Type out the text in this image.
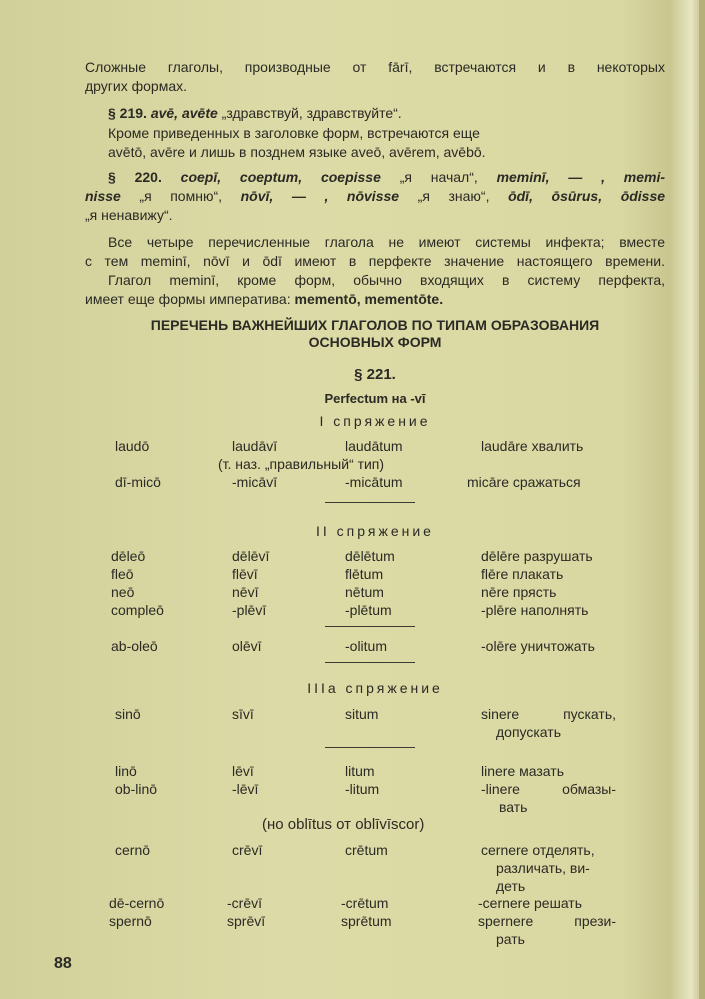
Сложные глаголы, производные от fārī, встречаются и в некоторых
других формах.
§ 219. avē, avēte „здравствуй, здравствуйте“.
Кроме приведенных в заголовке форм, встречаются еще
avētō, avēre и лишь в позднем языке aveō, avērem, avēbō.
§ 220. coepī, coeptum, coepisse „я начал“, meminī, — , memi-
nisse „я помню“, nōvī, — , nōvisse „я знаю“, ōdī, ōsūrus, ōdisse
„я ненавижу“.
Все четыре перечисленные глагола не имеют системы инфекта; вместе
с тем meminī, nōvī и ōdī имеют в перфекте значение настоящего времени.
Глагол meminī, кроме форм, обычно входящих в систему перфекта,
имеет еще формы императива: mementō, mementōte.
ПЕРЕЧЕНЬ ВАЖНЕЙШИХ ГЛАГОЛОВ ПО ТИПАМ ОБРАЗОВАНИЯ
ОСНОВНЫХ ФОРМ
§ 221.
Perfectum на -vī
I спряжение
laudō	laudāvī	laudātum	laudāre хвалить
(т. наз. „правильный“ тип)
dī-micō	-micāvī	-micātum	micāre сражаться
II спряжение
dēleō	dēlēvī	dēlētum	dēlēre разрушать
fleō	flēvī	flētum	flēre плакать
neō	nēvī	nētum	nēre прясть
compleō	-plēvī	-plētum	-plēre наполнять
ab-oleō	olēvī	-olitum	-olēre уничтожать
IIIa спряжение
sinō	sīvī	situm	sinere пускать,
допускать
linō	lēvī	litum	linere мазать
ob-linō	-lēvī	-litum	-linere обмазы-
вать
(но oblītus от oblīvīscor)
cernō	crēvī	crētum	cernere отделять,
различать, ви-
деть
dē-cernō	-crēvī	-crētum	-cernere решать
spernō	sprēvī	sprētum	spernere прези-
рать
88
